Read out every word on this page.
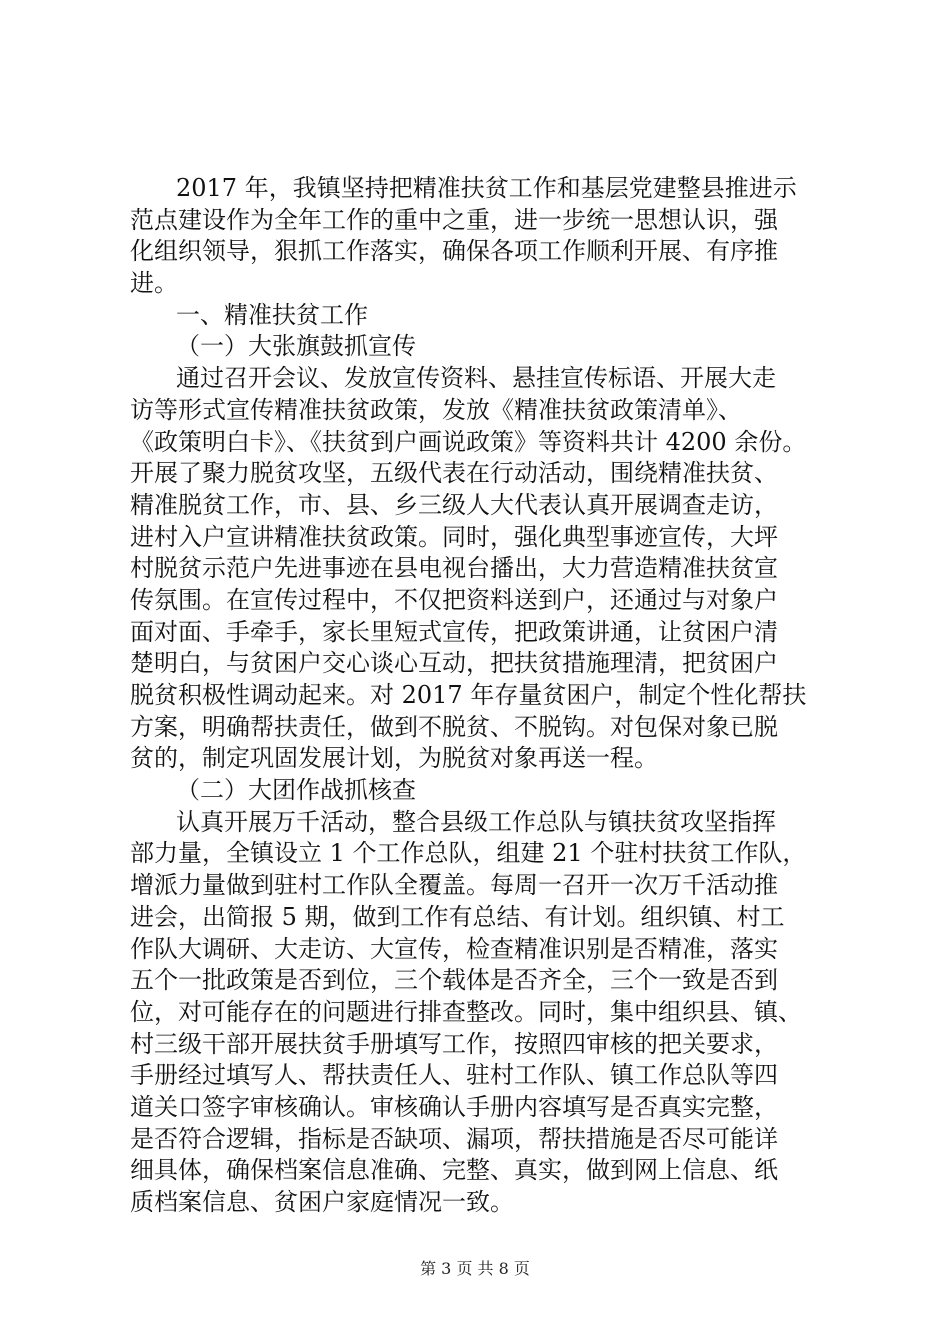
2017 年，我镇坚持把精准扶贫工作和基层党建整县推进示
范点建设作为全年工作的重中之重，进一步统一思想认识，强
化组织领导，狠抓工作落实，确保各项工作顺利开展、有序推
进。
一、精准扶贫工作
（一）大张旗鼓抓宣传
通过召开会议、发放宣传资料、悬挂宣传标语、开展大走
访等形式宣传精准扶贫政策，发放《精准扶贫政策清单》、
《政策明白卡》、《扶贫到户画说政策》等资料共计 4200 余份。
开展了聚力脱贫攻坚，五级代表在行动活动，围绕精准扶贫、
精准脱贫工作，市、县、乡三级人大代表认真开展调查走访，
进村入户宣讲精准扶贫政策。同时，强化典型事迹宣传，大坪
村脱贫示范户先进事迹在县电视台播出，大力营造精准扶贫宣
传氛围。在宣传过程中，不仅把资料送到户，还通过与对象户
面对面、手牵手，家长里短式宣传，把政策讲通，让贫困户清
楚明白，与贫困户交心谈心互动，把扶贫措施理清，把贫困户
脱贫积极性调动起来。对 2017 年存量贫困户，制定个性化帮扶
方案，明确帮扶责任，做到不脱贫、不脱钩。对包保对象已脱
贫的，制定巩固发展计划，为脱贫对象再送一程。
（二）大团作战抓核查
认真开展万千活动，整合县级工作总队与镇扶贫攻坚指挥
部力量，全镇设立 1 个工作总队，组建 21 个驻村扶贫工作队，
增派力量做到驻村工作队全覆盖。每周一召开一次万千活动推
进会，出简报 5 期，做到工作有总结、有计划。组织镇、村工
作队大调研、大走访、大宣传，检查精准识别是否精准，落实
五个一批政策是否到位，三个载体是否齐全，三个一致是否到
位，对可能存在的问题进行排查整改。同时，集中组织县、镇、
村三级干部开展扶贫手册填写工作，按照四审核的把关要求，
手册经过填写人、帮扶责任人、驻村工作队、镇工作总队等四
道关口签字审核确认。审核确认手册内容填写是否真实完整，
是否符合逻辑，指标是否缺项、漏项，帮扶措施是否尽可能详
细具体，确保档案信息准确、完整、真实，做到网上信息、纸
质档案信息、贫困户家庭情况一致。
第 3 页 共 8 页
